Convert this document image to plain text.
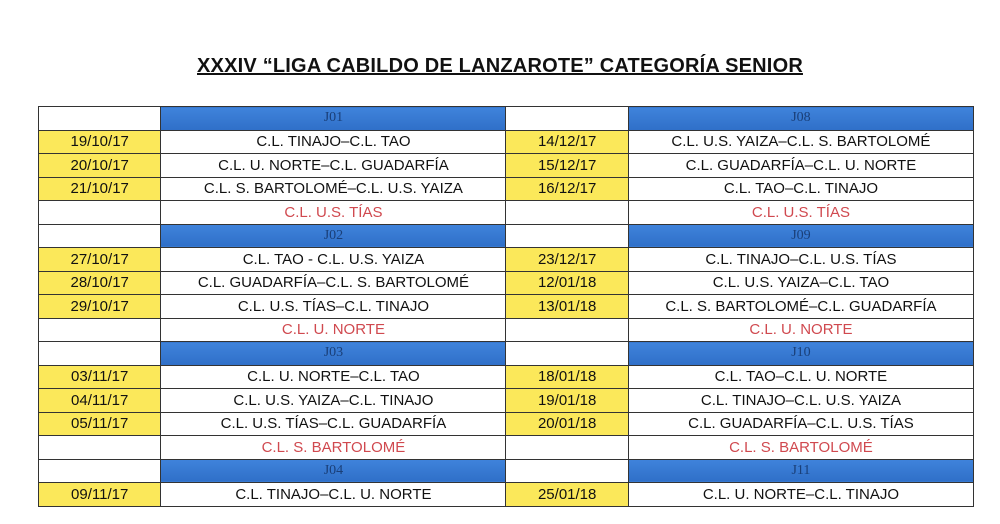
XXXIV “LIGA CABILDO DE LANZAROTE” CATEGORÍA SENIOR
	J01		J08
19/10/17	C.L. TINAJO–C.L. TAO	14/12/17	C.L. U.S. YAIZA–C.L. S. BARTOLOMÉ
20/10/17	C.L. U. NORTE–C.L. GUADARFÍA	15/12/17	C.L. GUADARFÍA–C.L. U. NORTE
21/10/17	C.L. S. BARTOLOMÉ–C.L. U.S. YAIZA	16/12/17	C.L. TAO–C.L. TINAJO
	C.L. U.S. TÍAS		C.L. U.S. TÍAS
	J02		J09
27/10/17	C.L. TAO - C.L. U.S. YAIZA	23/12/17	C.L. TINAJO–C.L. U.S. TÍAS
28/10/17	C.L. GUADARFÍA–C.L. S. BARTOLOMÉ	12/01/18	C.L. U.S. YAIZA–C.L. TAO
29/10/17	C.L. U.S. TÍAS–C.L. TINAJO	13/01/18	C.L. S. BARTOLOMÉ–C.L. GUADARFÍA
	C.L. U. NORTE		C.L. U. NORTE
	J03		J10
03/11/17	C.L. U. NORTE–C.L. TAO	18/01/18	C.L. TAO–C.L. U. NORTE
04/11/17	C.L. U.S. YAIZA–C.L. TINAJO	19/01/18	C.L. TINAJO–C.L. U.S. YAIZA
05/11/17	C.L. U.S. TÍAS–C.L. GUADARFÍA	20/01/18	C.L. GUADARFÍA–C.L. U.S. TÍAS
	C.L. S. BARTOLOMÉ		C.L. S. BARTOLOMÉ
	J04		J11
09/11/17	C.L. TINAJO–C.L. U. NORTE	25/01/18	C.L. U. NORTE–C.L. TINAJO
